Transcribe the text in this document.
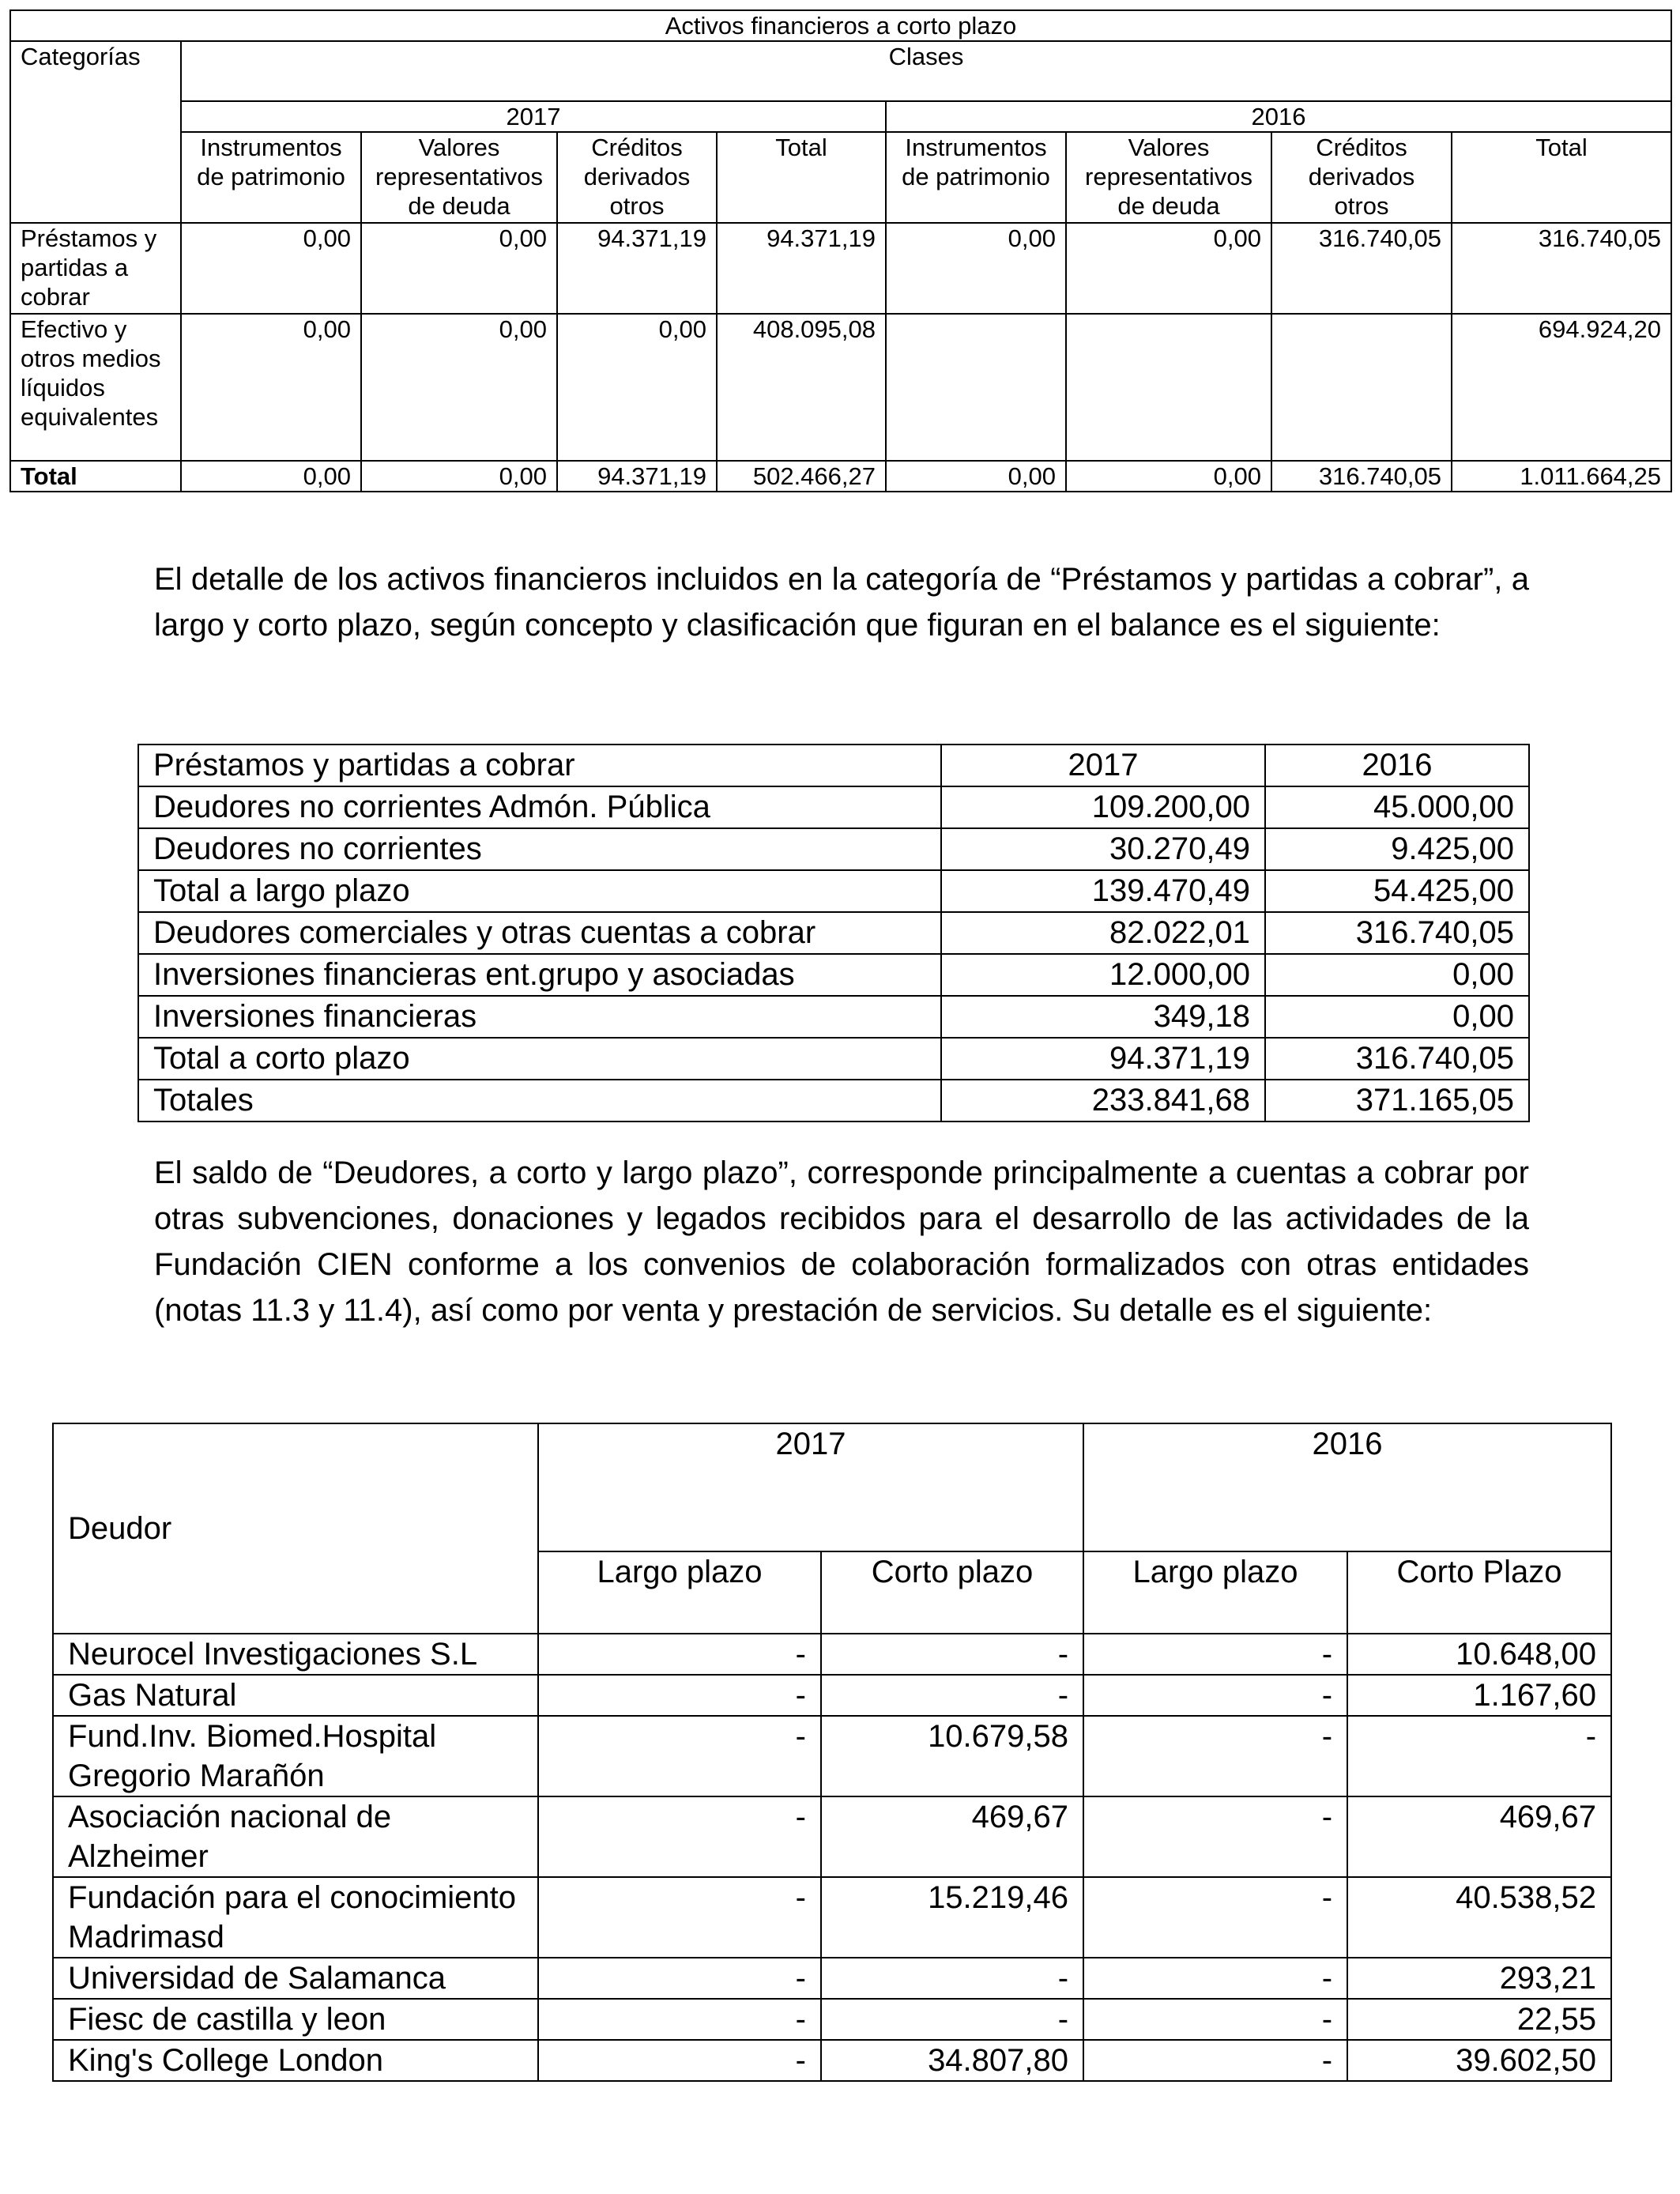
Activos financieros a corto plazo								
Categorías	Clases							
	2017				2016			
	Instrumentos de patrimonio	Valores representativos de deuda	Créditos derivados otros	Total	Instrumentos de patrimonio	Valores representativos de deuda	Créditos derivados otros	Total
Préstamos y partidas a cobrar	0,00	0,00	94.371,19	94.371,19	0,00	0,00	316.740,05	316.740,05
Efectivo y otros medios líquidos equivalentes	0,00	0,00	0,00	408.095,08				694.924,20
Total	0,00	0,00	94.371,19	502.466,27	0,00	0,00	316.740,05	1.011.664,25

El detalle de los activos financieros incluidos en la categoría de “Préstamos y partidas a cobrar”, a largo y corto plazo, según concepto y clasificación que figuran en el balance es el siguiente:

Préstamos y partidas a cobrar	2017	2016
Deudores no corrientes Admón. Pública	109.200,00	45.000,00
Deudores no corrientes	30.270,49	9.425,00
Total a largo plazo	139.470,49	54.425,00
Deudores comerciales y otras cuentas a cobrar	82.022,01	316.740,05
Inversiones financieras ent.grupo y asociadas	12.000,00	0,00
Inversiones financieras	349,18	0,00
Total a corto plazo	94.371,19	316.740,05
Totales	233.841,68	371.165,05

El saldo de “Deudores, a corto y largo plazo”, corresponde principalmente a cuentas a cobrar por otras subvenciones, donaciones y legados recibidos para el desarrollo de las actividades de la Fundación CIEN conforme a los convenios de colaboración formalizados con otras entidades (notas 11.3 y 11.4), así como por venta y prestación de servicios. Su detalle es el siguiente:

Deudor	2017		2016	
	Largo plazo	Corto plazo	Largo plazo	Corto Plazo
Neurocel Investigaciones S.L	-	-	-	10.648,00
Gas Natural	-	-	-	1.167,60
Fund.Inv. Biomed.Hospital Gregorio Marañón	-	10.679,58	-	-
Asociación nacional de Alzheimer	-	469,67	-	469,67
Fundación para el conocimiento Madrimasd	-	15.219,46	-	40.538,52
Universidad de Salamanca	-	-	-	293,21
Fiesc de castilla y leon	-	-	-	22,55
King's College London	-	34.807,80	-	39.602,50
